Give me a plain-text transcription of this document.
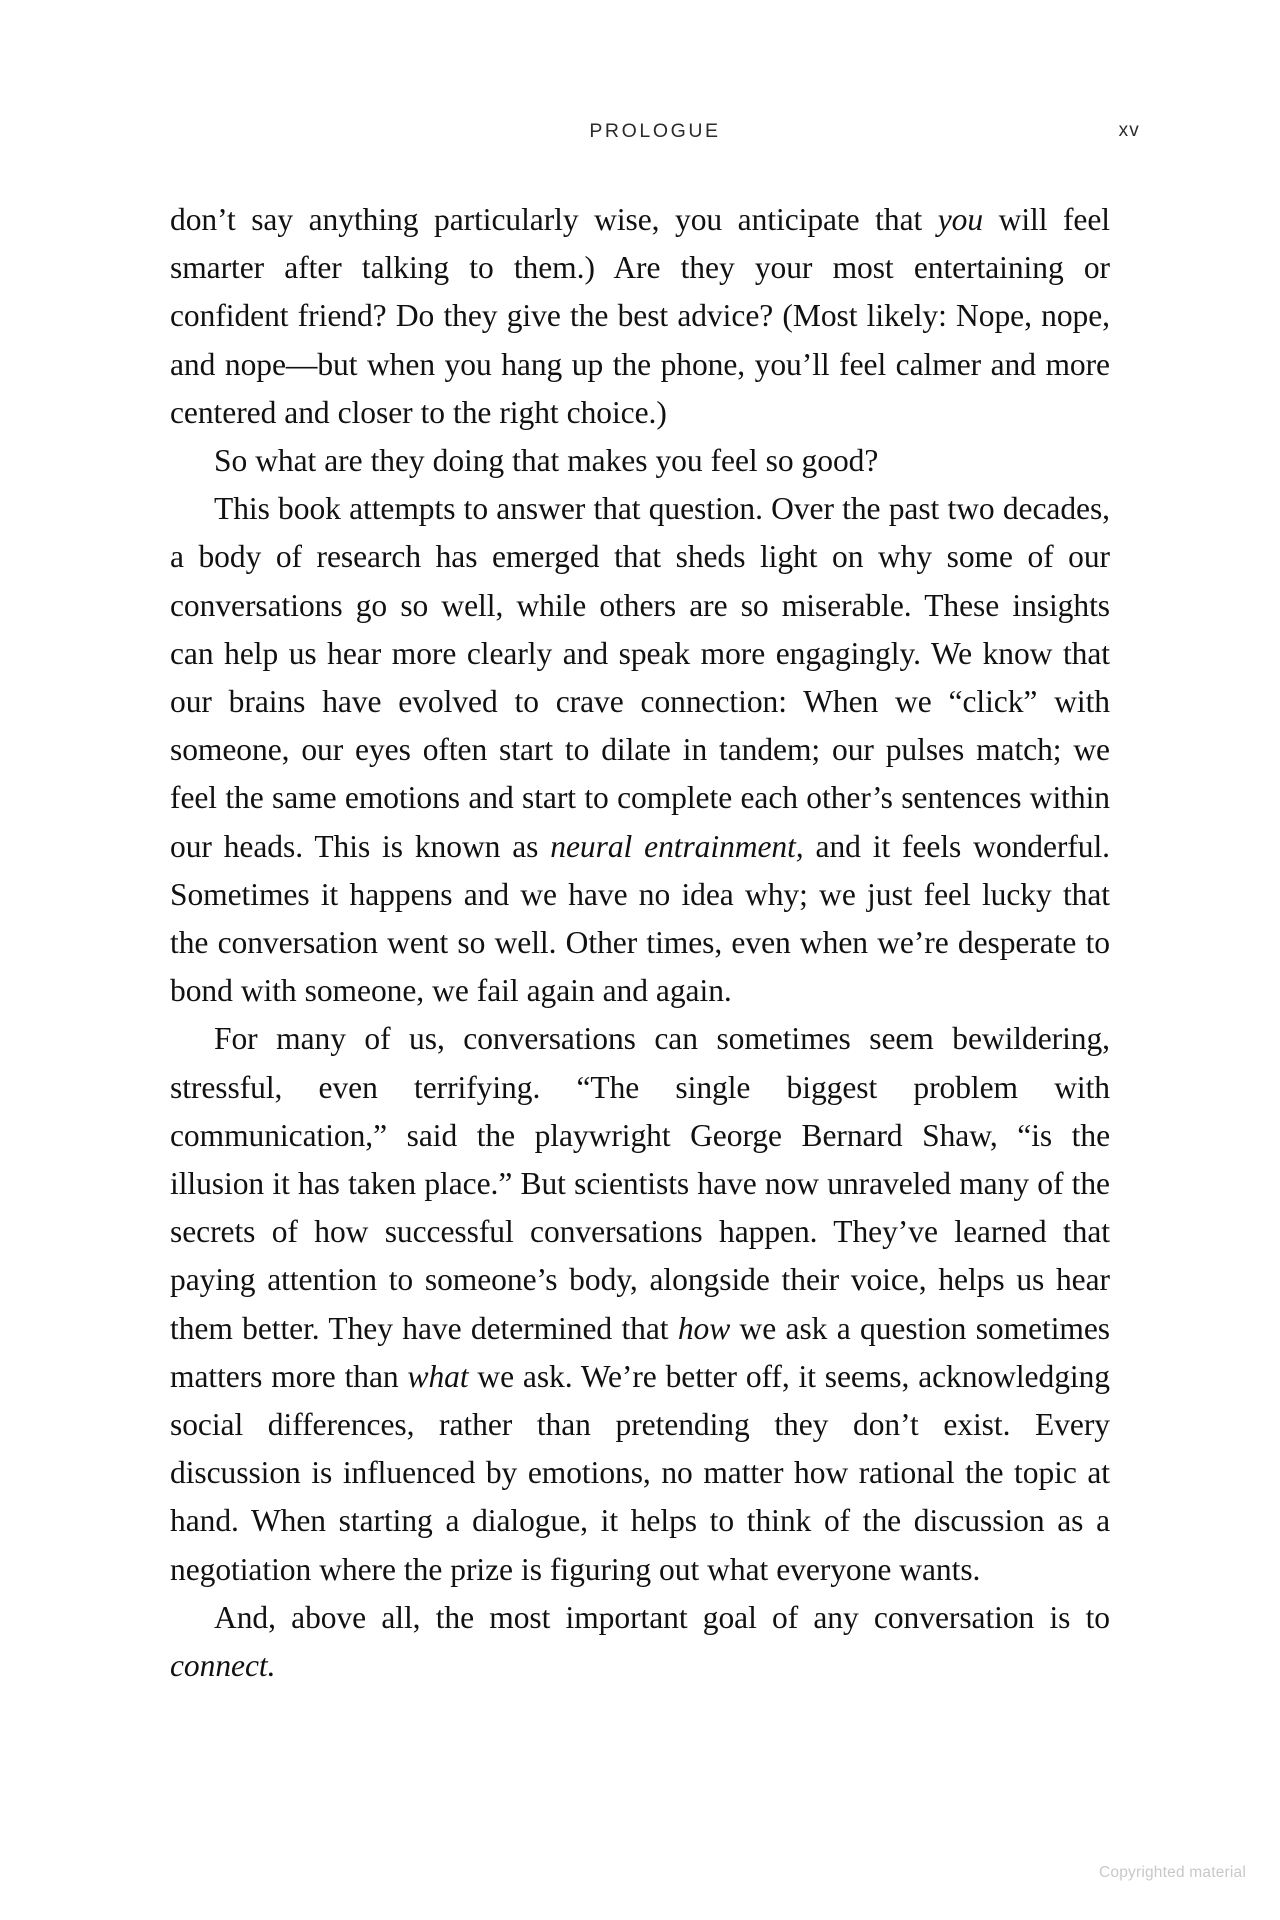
PROLOGUE	xv

don’t say anything particularly wise, you anticipate that you will feel smarter after talking to them.) Are they your most entertaining or confident friend? Do they give the best advice? (Most likely: Nope, nope, and nope—but when you hang up the phone, you’ll feel calmer and more centered and closer to the right choice.)

So what are they doing that makes you feel so good?

This book attempts to answer that question. Over the past two decades, a body of research has emerged that sheds light on why some of our conversations go so well, while others are so miserable. These insights can help us hear more clearly and speak more engagingly. We know that our brains have evolved to crave connection: When we “click” with someone, our eyes often start to dilate in tandem; our pulses match; we feel the same emotions and start to complete each other’s sentences within our heads. This is known as neural entrainment, and it feels wonderful. Sometimes it happens and we have no idea why; we just feel lucky that the conversation went so well. Other times, even when we’re desperate to bond with someone, we fail again and again.

For many of us, conversations can sometimes seem bewildering, stressful, even terrifying. “The single biggest problem with communication,” said the playwright George Bernard Shaw, “is the illusion it has taken place.” But scientists have now unraveled many of the secrets of how successful conversations happen. They’ve learned that paying attention to someone’s body, alongside their voice, helps us hear them better. They have determined that how we ask a question sometimes matters more than what we ask. We’re better off, it seems, acknowledging social differences, rather than pretending they don’t exist. Every discussion is influenced by emotions, no matter how rational the topic at hand. When starting a dialogue, it helps to think of the discussion as a negotiation where the prize is figuring out what everyone wants.

And, above all, the most important goal of any conversation is to connect.

Copyrighted material
